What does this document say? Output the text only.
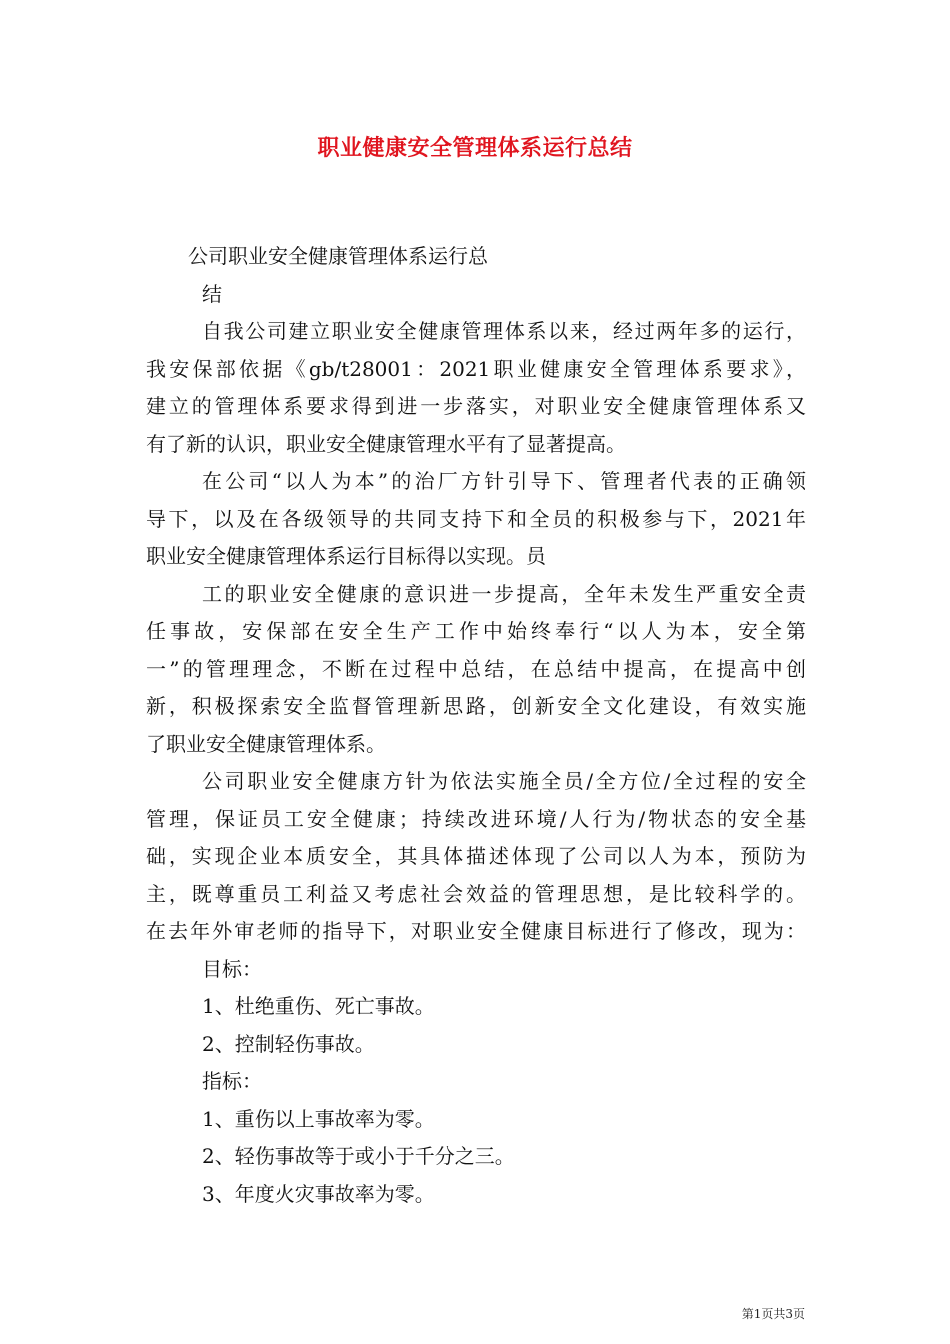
职业健康安全管理体系运行总结
公司职业安全健康管理体系运行总
结
自我公司建立职业安全健康管理体系以来，经过两年多的运行，
我安保部依据《gb/t28001：2021职业健康安全管理体系要求》，
建立的管理体系要求得到进一步落实，对职业安全健康管理体系又
有了新的认识，职业安全健康管理水平有了显著提高。
在公司“以人为本”的治厂方针引导下、管理者代表的正确领
导下，以及在各级领导的共同支持下和全员的积极参与下，2021年
职业安全健康管理体系运行目标得以实现。员
工的职业安全健康的意识进一步提高，全年未发生严重安全责
任事故，安保部在安全生产工作中始终奉行“以人为本，安全第
一”的管理理念，不断在过程中总结，在总结中提高，在提高中创
新，积极探索安全监督管理新思路，创新安全文化建设，有效实施
了职业安全健康管理体系。
公司职业安全健康方针为依法实施全员/全方位/全过程的安全
管理，保证员工安全健康；持续改进环境/人行为/物状态的安全基
础，实现企业本质安全，其具体描述体现了公司以人为本，预防为
主，既尊重员工利益又考虑社会效益的管理思想，是比较科学的。
在去年外审老师的指导下，对职业安全健康目标进行了修改，现为：
目标：
1、杜绝重伤、死亡事故。
2、控制轻伤事故。
指标：
1、重伤以上事故率为零。
2、轻伤事故等于或小于千分之三。
3、年度火灾事故率为零。
第1页共3页
